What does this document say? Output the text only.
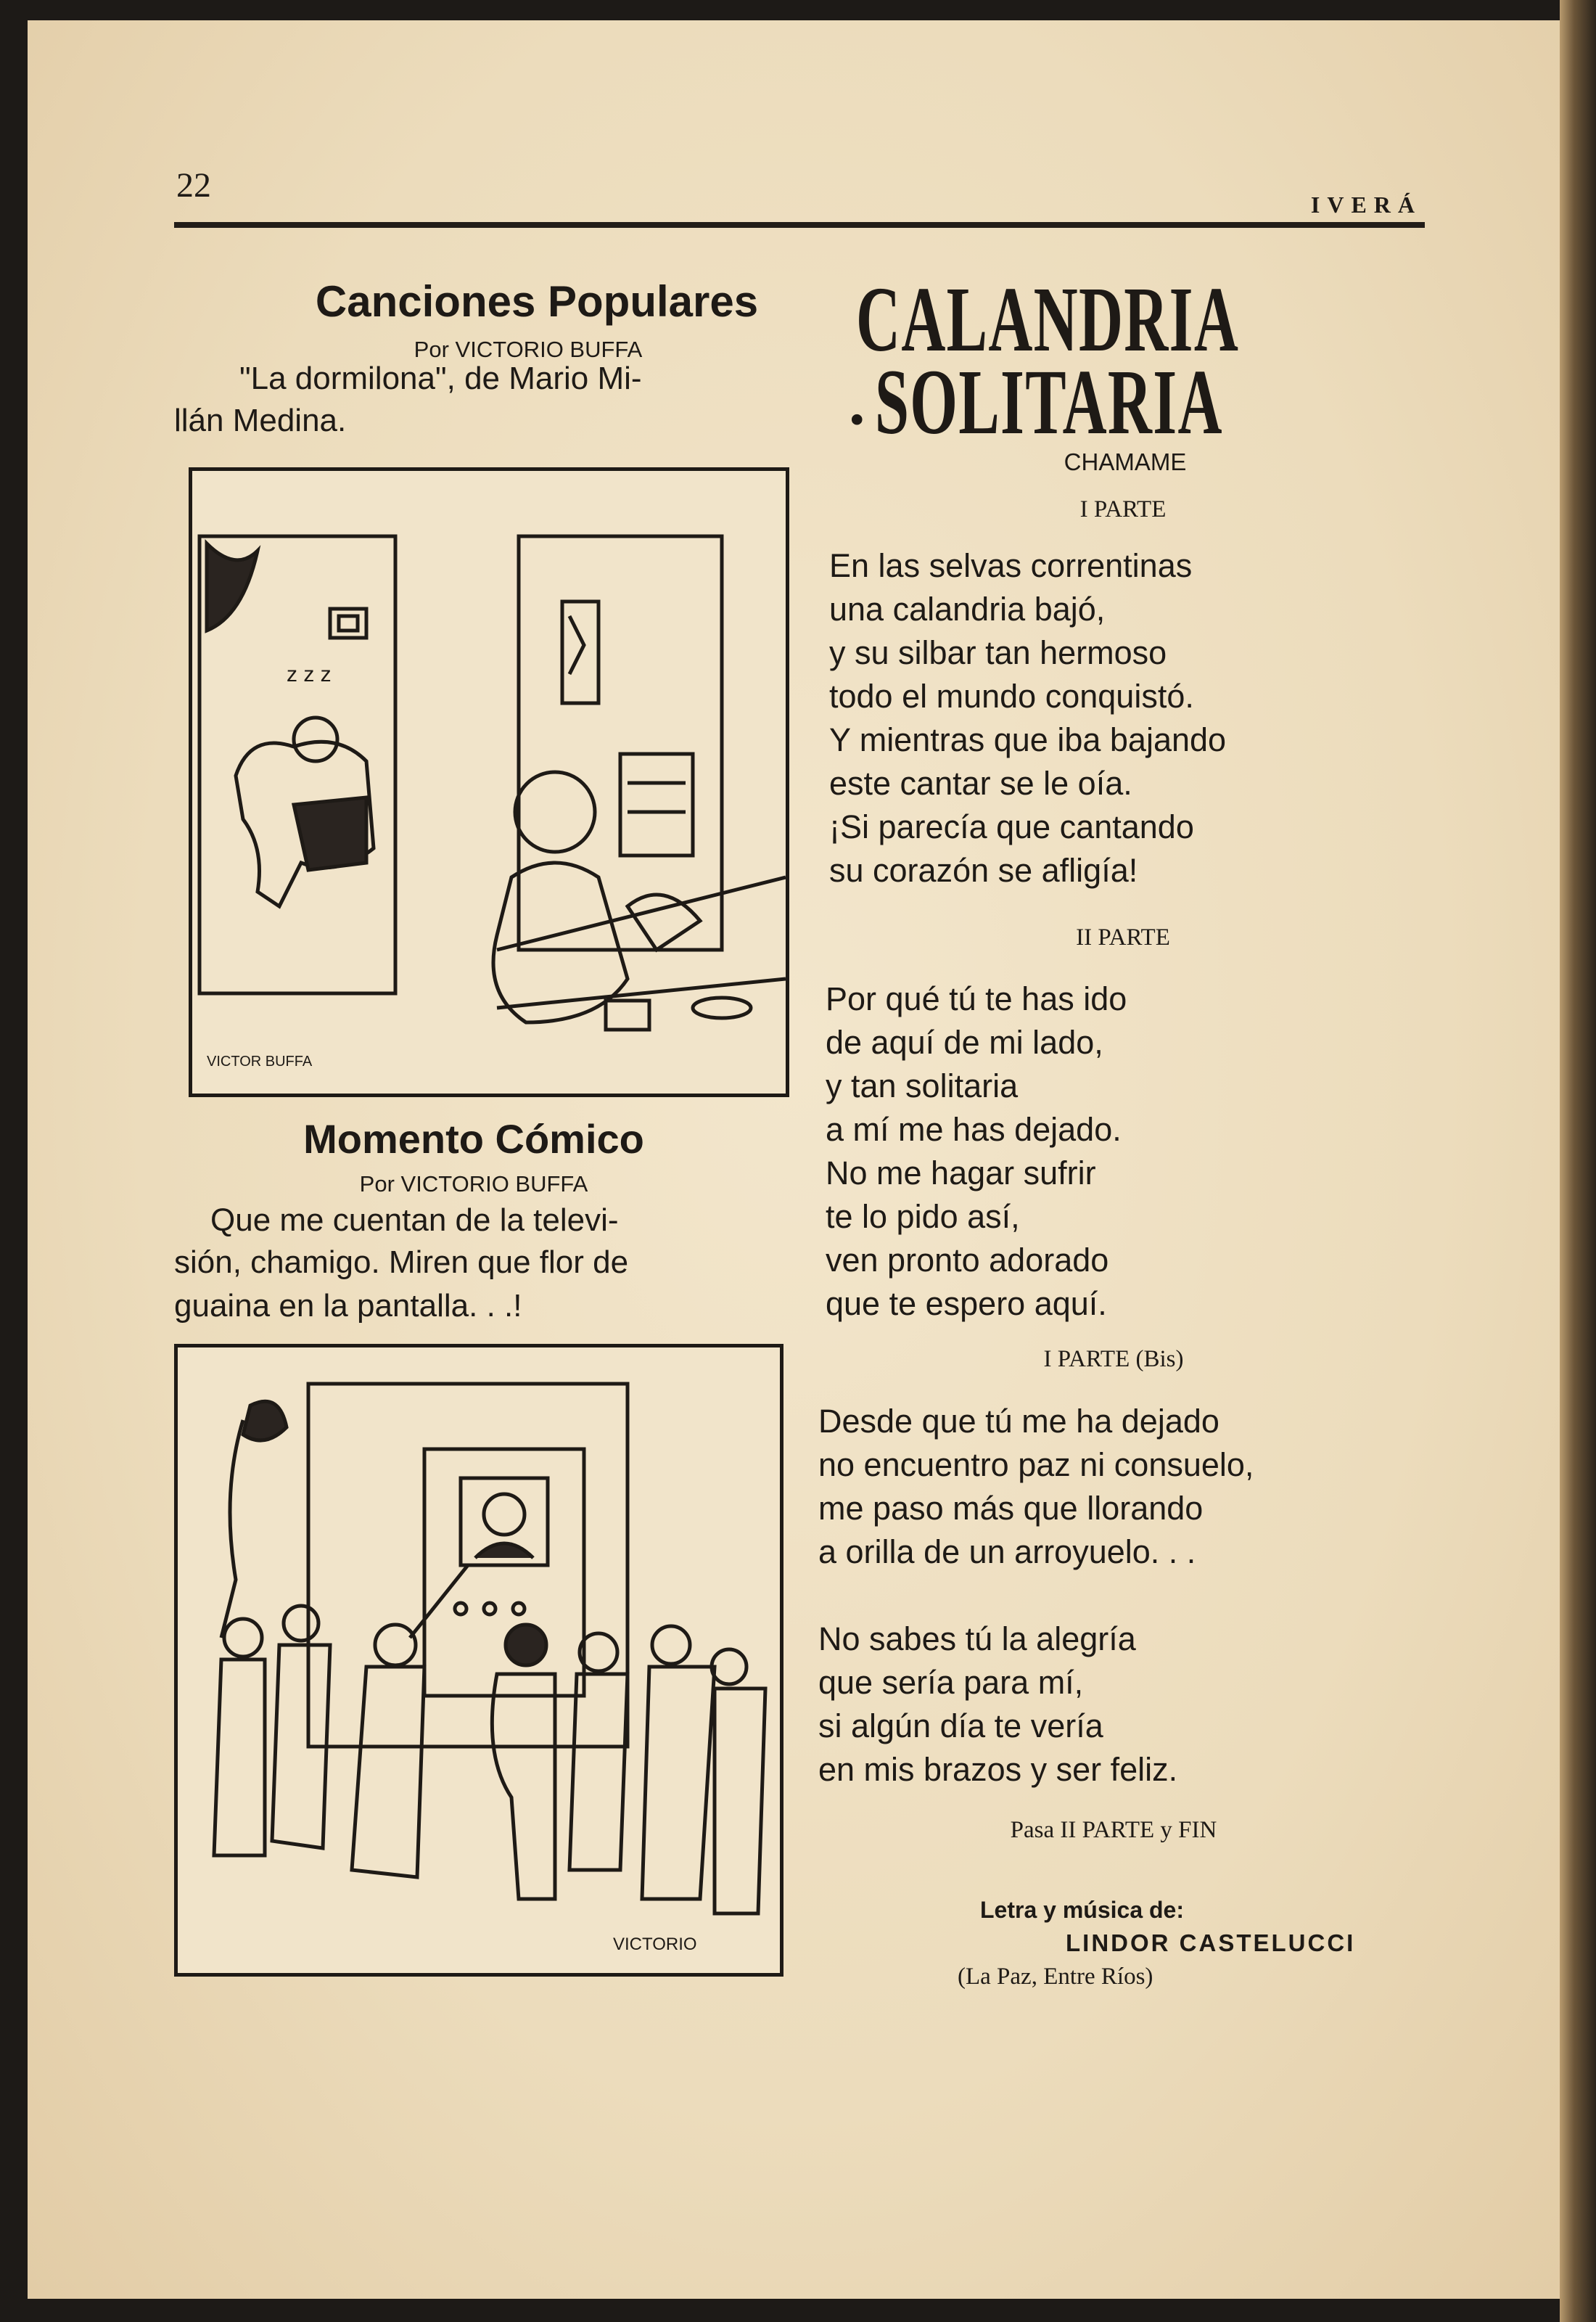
22	IVERÁ
Canciones Populares
Por VICTORIO BUFFA
"La dormilona", de Mario Mi-
llán Medina.
z z z
VICTOR BUFFA
Momento Cómico
Por VICTORIO BUFFA
Que me cuentan de la televi-
sión, chamigo. Miren que flor de
guaina en la pantalla. . .!
VICTORIO
CALANDRIA
. SOLITARIA
CHAMAME
I PARTE
En las selvas correntinas
una calandria bajó,
y su silbar tan hermoso
todo el mundo conquistó.
Y mientras que iba bajando
este cantar se le oía.
¡Si parecía que cantando
su corazón se afligía!
II PARTE
Por qué tú te has ido
de aquí de mi lado,
y tan solitaria
a mí me has dejado.
No me hagar sufrir
te lo pido así,
ven pronto adorado
que te espero aquí.
I PARTE (Bis)
Desde que tú me ha dejado
no encuentro paz ni consuelo,
me paso más que llorando
a orilla de un arroyuelo. . .
No sabes tú la alegría
que sería para mí,
si algún día te vería
en mis brazos y ser feliz.
Pasa II PARTE y FIN
Letra y música de:
LINDOR CASTELUCCI
(La Paz, Entre Ríos)
